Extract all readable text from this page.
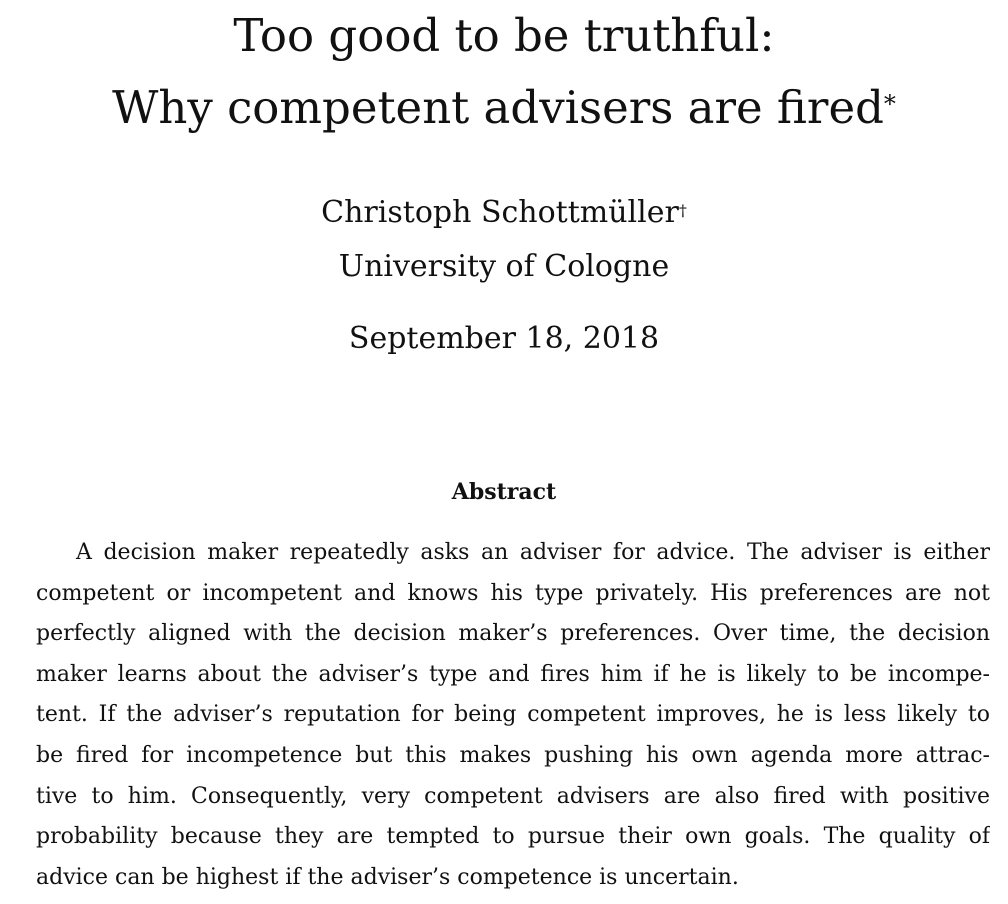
Too good to be truthful:
Why competent advisers are fired*
Christoph Schottmüller†
University of Cologne
September 18, 2018
Abstract
A decision maker repeatedly asks an adviser for advice. The adviser is either
competent or incompetent and knows his type privately. His preferences are not
perfectly aligned with the decision maker’s preferences. Over time, the decision
maker learns about the adviser’s type and fires him if he is likely to be incompe-
tent. If the adviser’s reputation for being competent improves, he is less likely to
be fired for incompetence but this makes pushing his own agenda more attrac-
tive to him. Consequently, very competent advisers are also fired with positive
probability because they are tempted to pursue their own goals. The quality of
advice can be highest if the adviser’s competence is uncertain.
